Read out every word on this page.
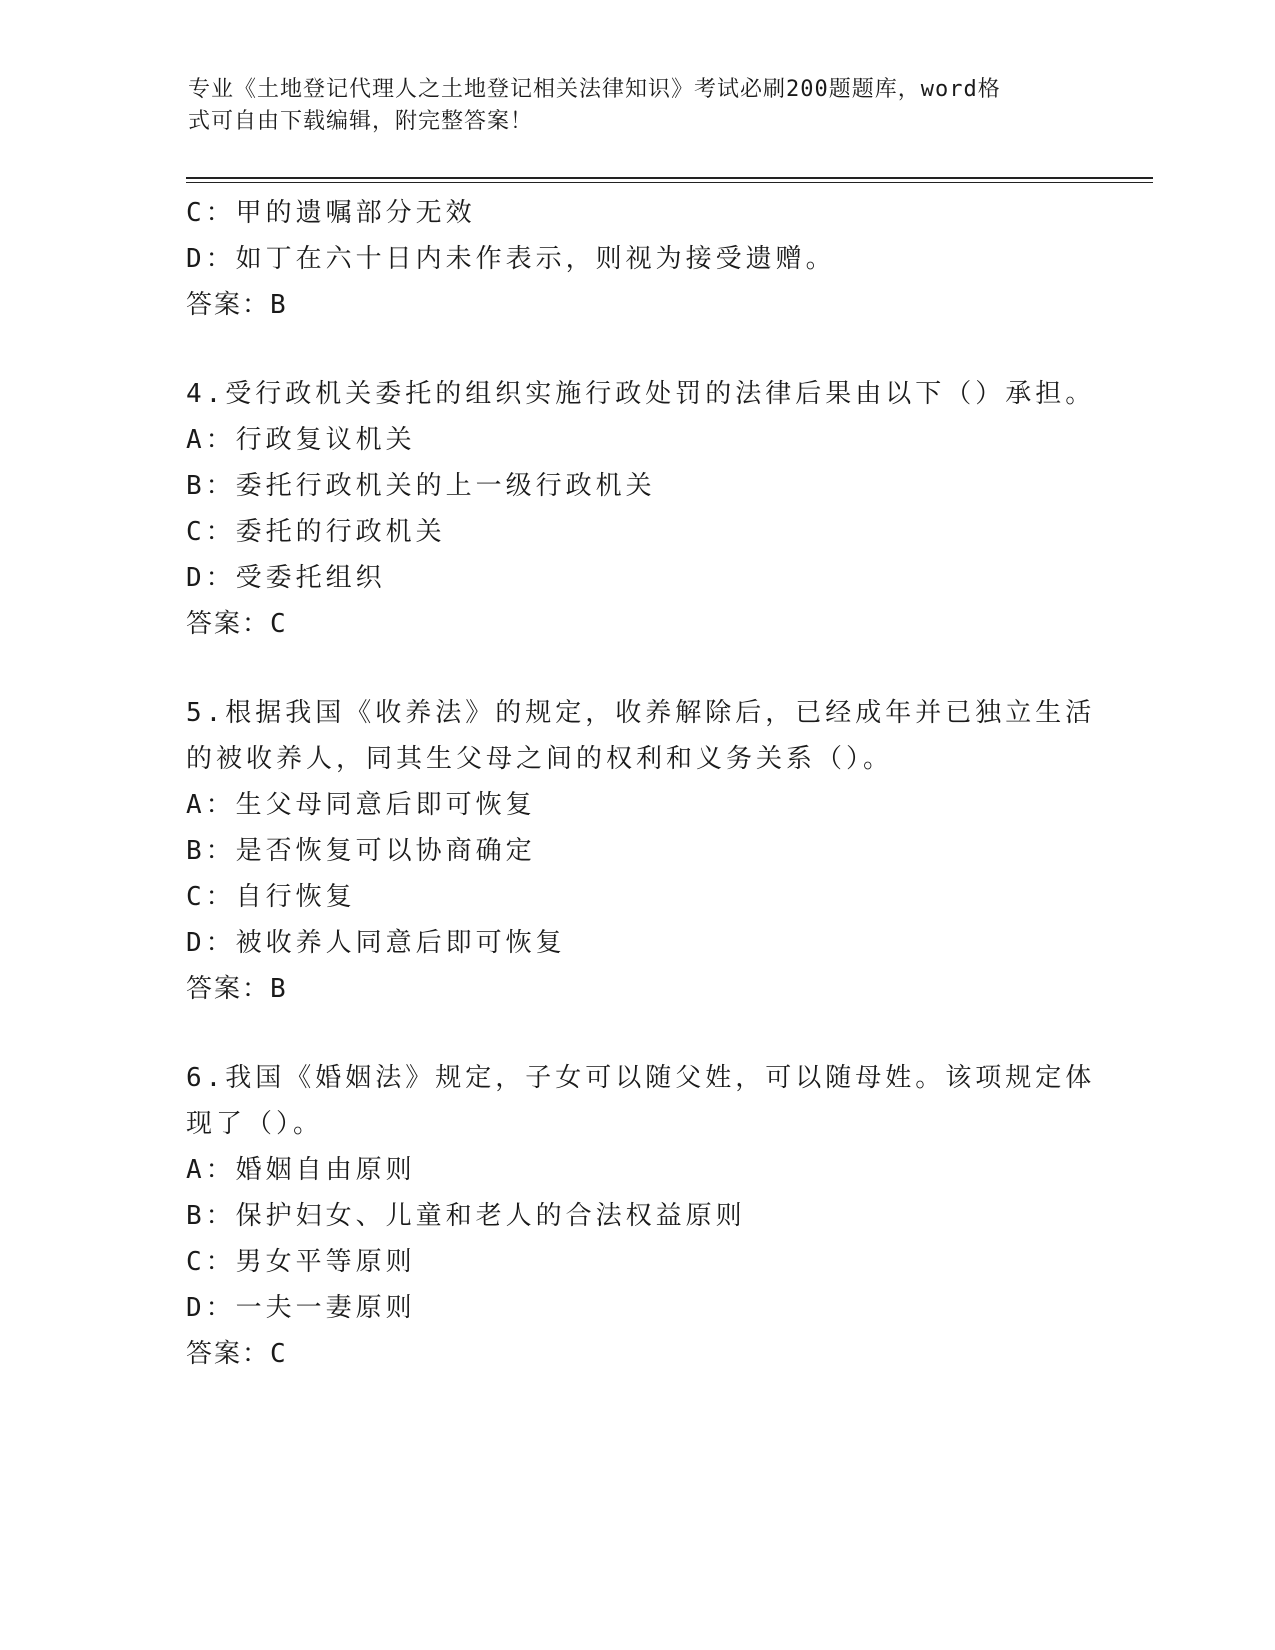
专业《土地登记代理人之土地登记相关法律知识》考试必刷200题题库，word格
式可自由下载编辑，附完整答案！
C：甲的遗嘱部分无效
D：如丁在六十日内未作表示，则视为接受遗赠。
答案：B
4.受行政机关委托的组织实施行政处罚的法律后果由以下（）承担。
A：行政复议机关
B：委托行政机关的上一级行政机关
C：委托的行政机关
D：受委托组织
答案：C
5.根据我国《收养法》的规定，收养解除后，已经成年并已独立生活
的被收养人，同其生父母之间的权利和义务关系（）。
A：生父母同意后即可恢复
B：是否恢复可以协商确定
C：自行恢复
D：被收养人同意后即可恢复
答案：B
6.我国《婚姻法》规定，子女可以随父姓，可以随母姓。该项规定体
现了（）。
A：婚姻自由原则
B：保护妇女、儿童和老人的合法权益原则
C：男女平等原则
D：一夫一妻原则
答案：C
